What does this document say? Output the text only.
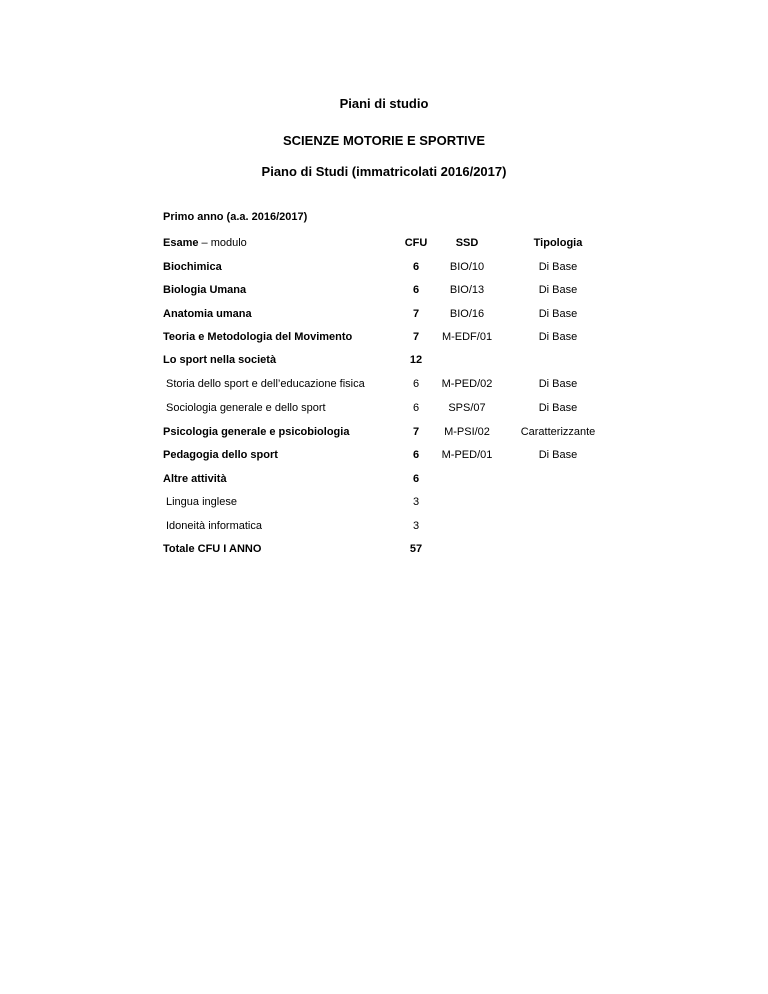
Piani di studio
SCIENZE MOTORIE E SPORTIVE
Piano di Studi (immatricolati 2016/2017)
Primo anno (a.a. 2016/2017)
Esame – modulo	CFU	SSD	Tipologia
Biochimica	6	BIO/10	Di Base
Biologia Umana	6	BIO/13	Di Base
Anatomia umana	7	BIO/16	Di Base
Teoria e Metodologia del Movimento	7	M-EDF/01	Di Base
Lo sport nella società	12
Storia dello sport e dell’educazione fisica	6	M-PED/02	Di Base
Sociologia generale e dello sport	6	SPS/07	Di Base
Psicologia generale e psicobiologia	7	M-PSI/02	Caratterizzante
Pedagogia dello sport	6	M-PED/01	Di Base
Altre attività	6
Lingua inglese	3
Idoneità informatica	3
Totale CFU I ANNO	57
